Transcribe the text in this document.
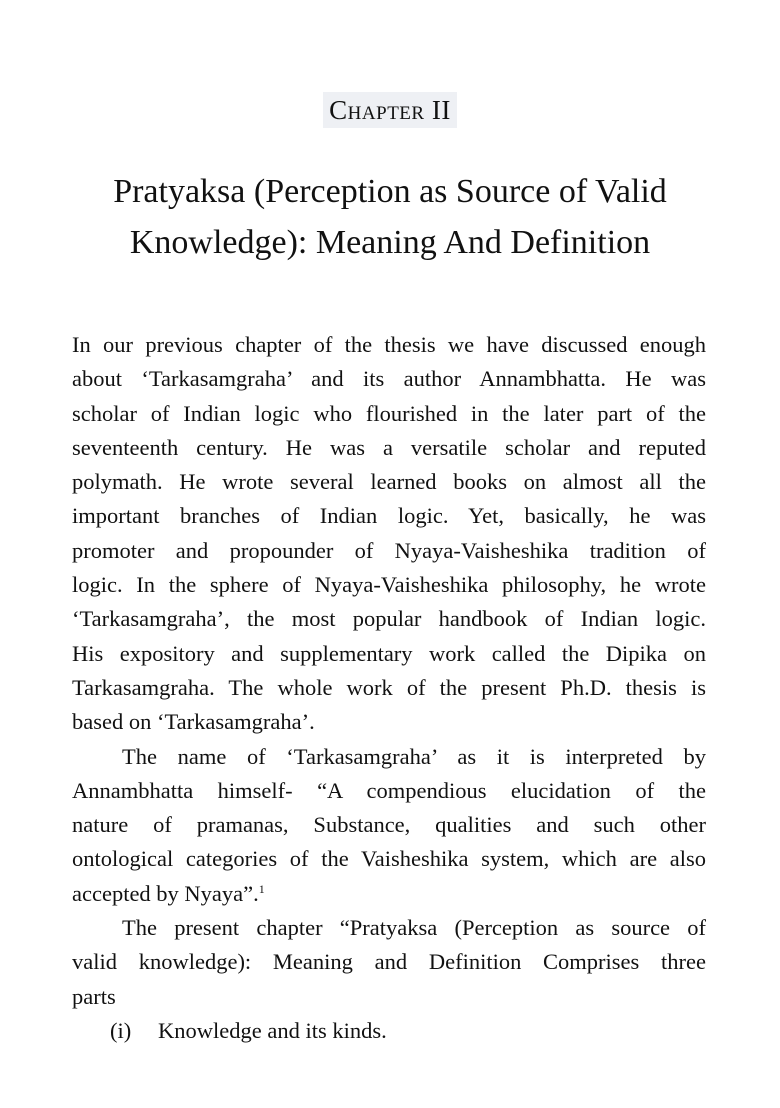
Chapter II
Pratyaksa (Perception as Source of Valid
Knowledge): Meaning And Definition
In our previous chapter of the thesis we have discussed enough
about ‘Tarkasamgraha’ and its author Annambhatta. He was
scholar of Indian logic who flourished in the later part of the
seventeenth century. He was a versatile scholar and reputed
polymath. He wrote several learned books on almost all the
important branches of Indian logic. Yet, basically, he was
promoter and propounder of Nyaya-Vaisheshika tradition of
logic. In the sphere of Nyaya-Vaisheshika philosophy, he wrote
‘Tarkasamgraha’, the most popular handbook of Indian logic.
His expository and supplementary work called the Dipika on
Tarkasamgraha. The whole work of the present Ph.D. thesis is
based on ‘Tarkasamgraha’.
The name of ‘Tarkasamgraha’ as it is interpreted by
Annambhatta himself- “A compendious elucidation of the
nature of pramanas, Substance, qualities and such other
ontological categories of the Vaisheshika system, which are also
accepted by Nyaya”.$^1$
The present chapter “Pratyaksa (Perception as source of
valid knowledge): Meaning and Definition Comprises three
parts
(i) Knowledge and its kinds.
